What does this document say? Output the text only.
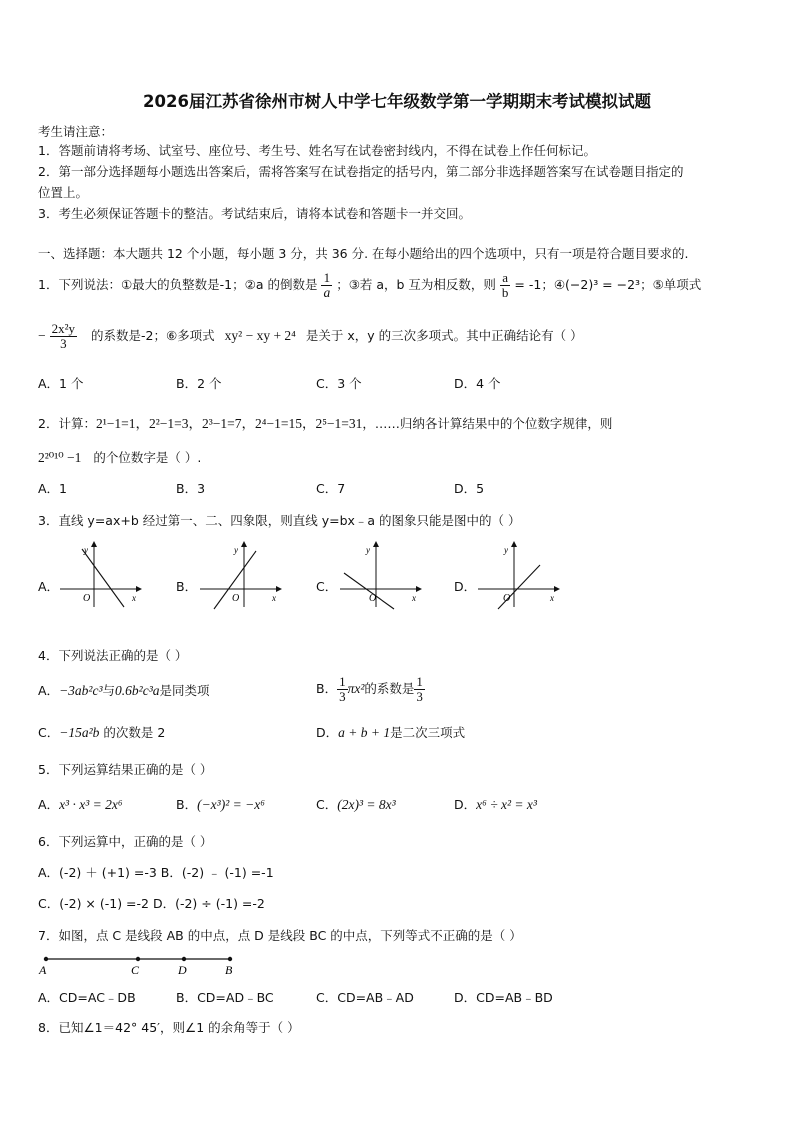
2026届江苏省徐州市树人中学七年级数学第一学期期末考试模拟试题
考生请注意：
1．答题前请将考场、试室号、座位号、考生号、姓名写在试卷密封线内，不得在试卷上作任何标记。
2．第一部分选择题每小题选出答案后，需将答案写在试卷指定的括号内，第二部分非选择题答案写在试卷题目指定的
位置上。
3．考生必须保证答题卡的整洁。考试结束后，请将本试卷和答题卡一并交回。
一、选择题：本大题共 12 个小题，每小题 3 分，共 36 分. 在每小题给出的四个选项中，只有一项是符合题目要求的.
1．下列说法：①最大的负整数是-1；②a 的倒数是 $\frac{1}{a}$ ；③若 a，b 互为相反数，则 $\frac{a}{b} = -1$；④(−2)³ = −2³；⑤单项式
− $\frac{\text{2x²y}}{3}$ 的系数是-2；⑥多项式 xy² − xy + 2⁴ 是关于 x，y 的三次多项式。其中正确结论有（ ）
A．1 个	B．2 个	C．3 个	D．4 个
2．计算：2¹−1=1，2²−1=3，2³−1=7，2⁴−1=15，2⁵−1=31，……归纳各计算结果中的个位数字规律，则
2²⁰¹⁰ −1 的个位数字是（ ）.
A．1	B．3	C．7	D．5
3．直线 y=ax+b 经过第一、二、四象限，则直线 y=bx﹣a 的图象只能是图中的（ ）
A．
y
x
O
B．
y
x
O
C．
y
x
O
D．
y
x
O
4．下列说法正确的是（ ）
A．−3ab²c³与0.6b²c³a是同类项	B． $\frac{1}{3} \pi x^2$的系数是 $\frac{1}{3}$
C．−15a²b 的次数是 2	D．a + b + 1是二次三项式
5．下列运算结果正确的是（ ）
A．x³ · x³ = 2x⁶	B．(−x³)² = −x⁶	C．(2x)³ = 8x³	D．x⁶ ÷ x² = x³
6．下列运算中，正确的是（ ）
A．(-2) ＋ (+1) =-3 B．(-2) ﹣ (-1) =-1
C．(-2) × (-1) =-2 D．(-2) ÷ (-1) =-2
7．如图，点 C 是线段 AB 的中点，点 D 是线段 BC 的中点，下列等式不正确的是（ ）
A	C	D	B
A．CD=AC﹣DB	B．CD=AD﹣BC	C．CD=AB﹣AD	D．CD=AB﹣BD
8．已知∠1＝42° 45′，则∠1 的余角等于（ ）
